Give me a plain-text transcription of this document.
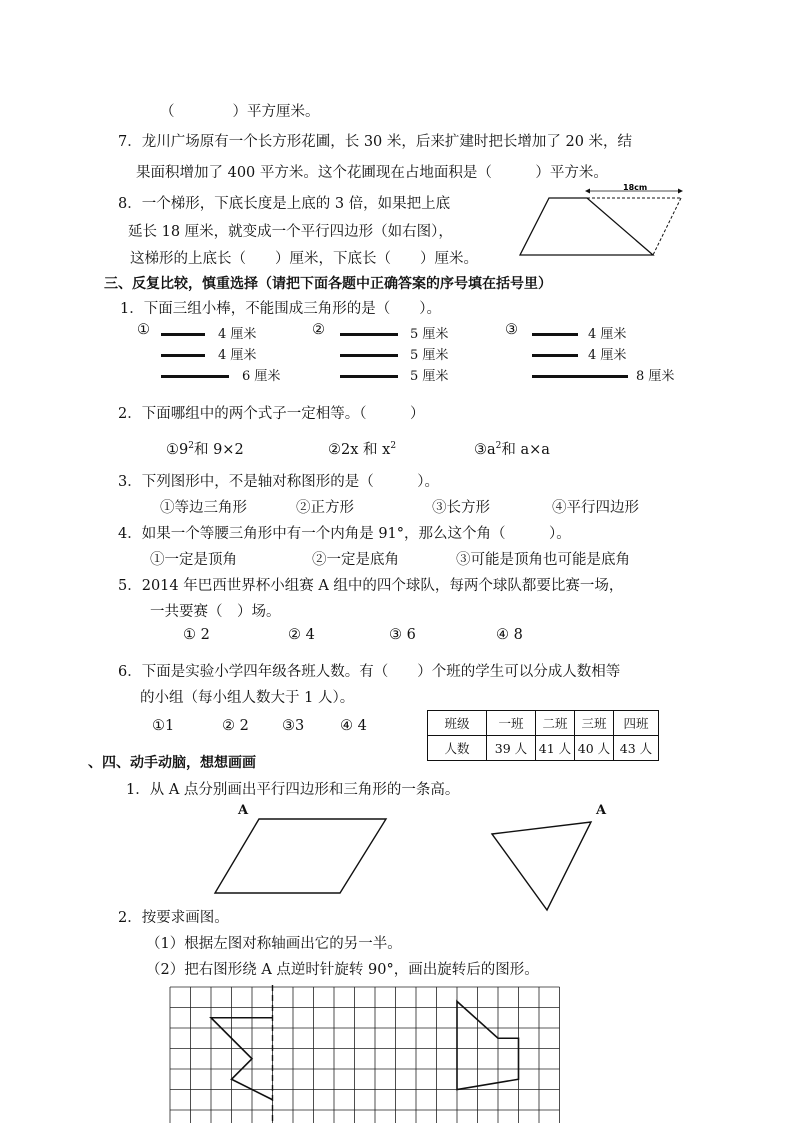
（　　　　）平方厘米。
7．龙川广场原有一个长方形花圃，长 30 米，后来扩建时把长增加了 20 米，结
果面积增加了 400 平方米。这个花圃现在占地面积是（　　　）平方米。
8．一个梯形，下底长度是上底的 3 倍，如果把上底
延长 18 厘米，就变成一个平行四边形（如右图），
这梯形的上底长（　　）厘米，下底长（　　）厘米。
18cm
三、反复比较，慎重选择（请把下面各题中正确答案的序号填在括号里）
1．下面三组小棒，不能围成三角形的是（　　）。
①	4 厘米
4 厘米
6 厘米
②	5 厘米
5 厘米
5 厘米
③	4 厘米
4 厘米
8 厘米
2．下面哪组中的两个式子一定相等。（　　　）
$①9^2$和 9×2	②2x 和 $x^2$	$③a^2$和 a×a
3．下列图形中，不是轴对称图形的是（　　　）。
①等边三角形	②正方形	③长方形	④平行四边形
4．如果一个等腰三角形中有一个内角是 91°，那么这个角（　　　）。
①一定是顶角	②一定是底角	③可能是顶角也可能是底角
5．2014 年巴西世界杯小组赛 A 组中的四个球队，每两个球队都要比赛一场，
一共要赛（　）场。
① 2	② 4	③ 6	④ 8
6．下面是实验小学四年级各班人数。有（　　）个班的学生可以分成人数相等
的小组（每小组人数大于 1 人）。
①1	② 2 ③3 ④ 4	班级	一班	二班	三班	四班
人数	39 人	41 人	40 人	43 人
、四、动手动脑，想想画画
1．从 A 点分别画出平行四边形和三角形的一条高。
A	A
2．按要求画图。
（1）根据左图对称轴画出它的另一半。
（2）把右图形绕 A 点逆时针旋转 90°，画出旋转后的图形。
